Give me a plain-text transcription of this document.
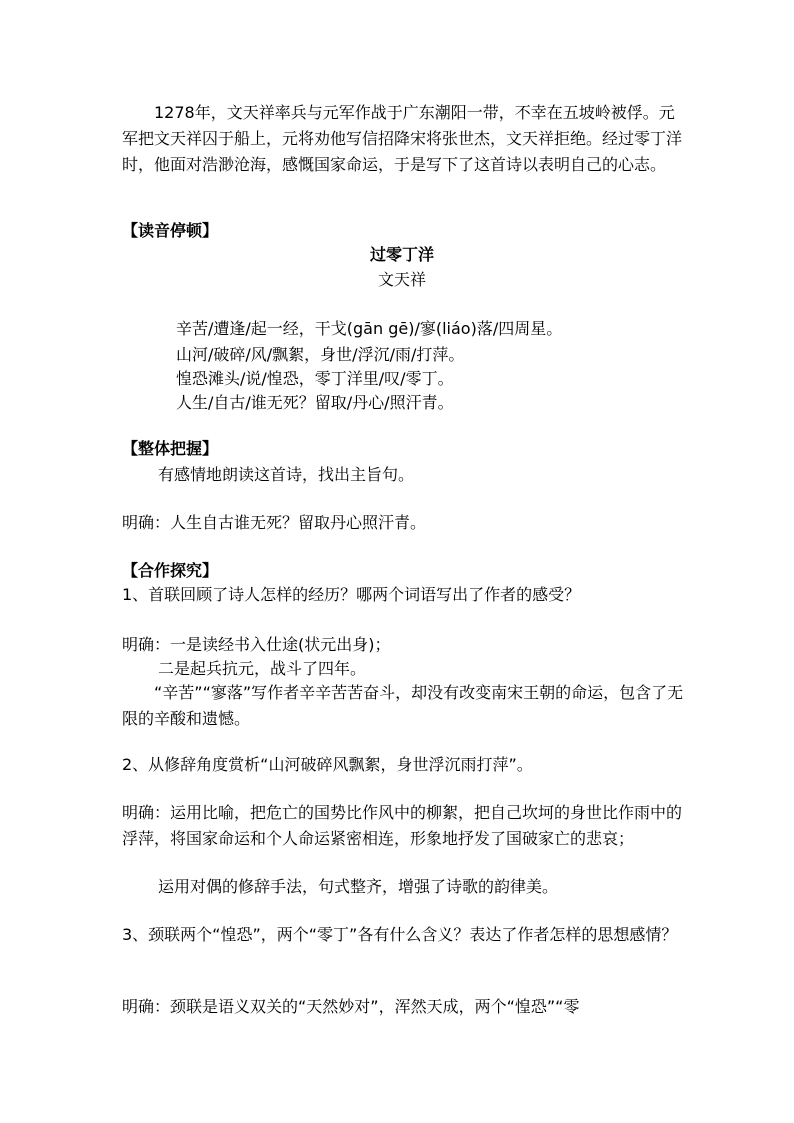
1278年，文天祥率兵与元军作战于广东潮阳一带，不幸在五坡岭被俘。元军把文天祥囚于船上，元将劝他写信招降宋将张世杰，文天祥拒绝。经过零丁洋时，他面对浩渺沧海，感慨国家命运，于是写下了这首诗以表明自己的心志。

【读音停顿】

过零丁洋

文天祥

辛苦/遭逢/起一经，干戈(gān gē)/寥(liáo)落/四周星。

山河/破碎/风/飘絮，身世/浮沉/雨/打萍。

惶恐滩头/说/惶恐，零丁洋里/叹/零丁。

人生/自古/谁无死？留取/丹心/照汗青。

【整体把握】

有感情地朗读这首诗，找出主旨句。

明确：人生自古谁无死？留取丹心照汗青。

【合作探究】

1、首联回顾了诗人怎样的经历？哪两个词语写出了作者的感受？

明确：一是读经书入仕途(状元出身)；

二是起兵抗元，战斗了四年。

“辛苦”“寥落”写作者辛辛苦苦奋斗，却没有改变南宋王朝的命运，包含了无限的辛酸和遗憾。

2、从修辞角度赏析“山河破碎风飘絮，身世浮沉雨打萍”。

明确：运用比喻，把危亡的国势比作风中的柳絮，把自己坎坷的身世比作雨中的浮萍，将国家命运和个人命运紧密相连，形象地抒发了国破家亡的悲哀；

运用对偶的修辞手法，句式整齐，增强了诗歌的韵律美。

3、颈联两个“惶恐”，两个“零丁”各有什么含义？表达了作者怎样的思想感情？

明确：颈联是语义双关的“天然妙对”，浑然天成，两个“惶恐”“零
